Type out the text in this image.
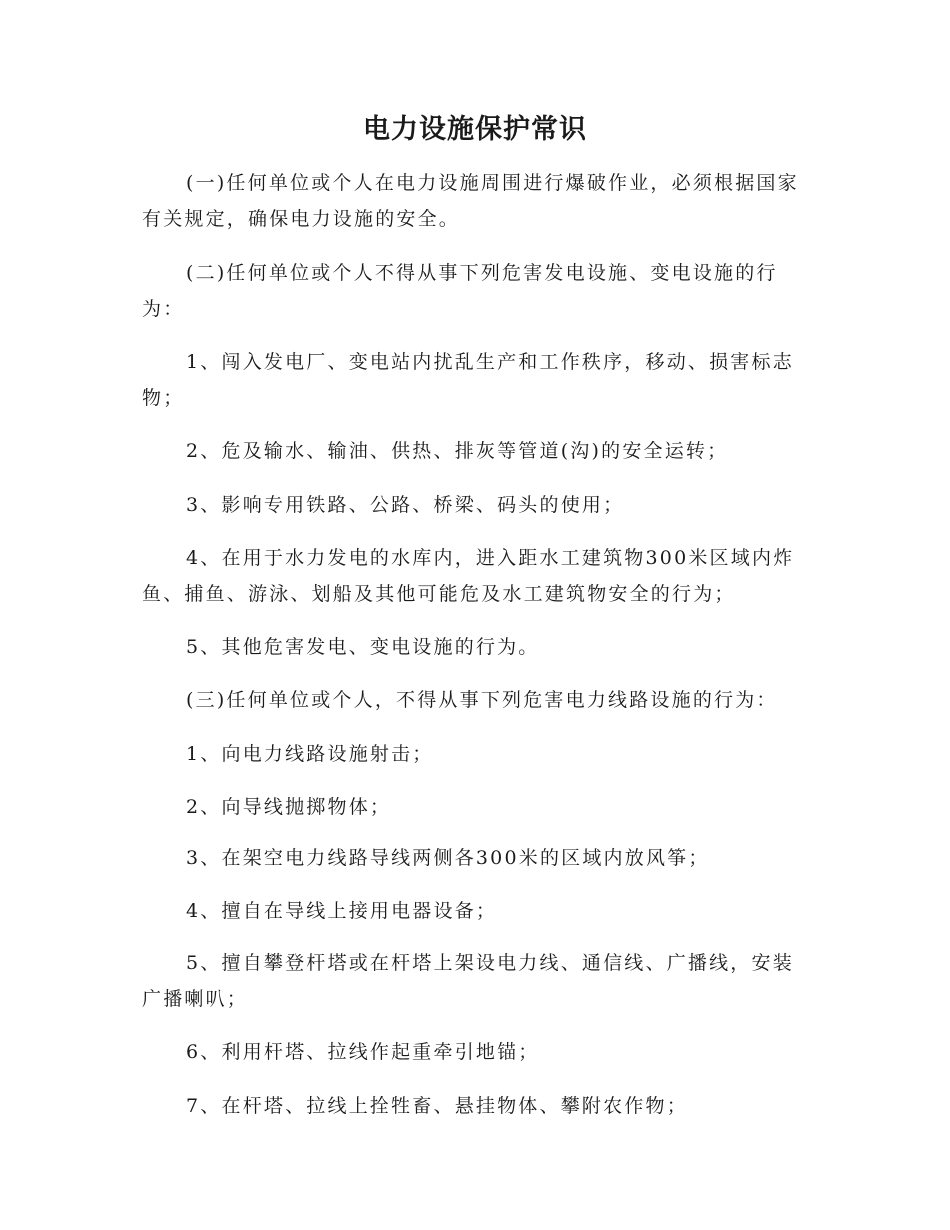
电力设施保护常识

(一)任何单位或个人在电力设施周围进行爆破作业，必须根据国家有关规定，确保电力设施的安全。

(二)任何单位或个人不得从事下列危害发电设施、变电设施的行为：

1、闯入发电厂、变电站内扰乱生产和工作秩序，移动、损害标志物；

2、危及输水、输油、供热、排灰等管道(沟)的安全运转；

3、影响专用铁路、公路、桥梁、码头的使用；

4、在用于水力发电的水库内，进入距水工建筑物300米区域内炸鱼、捕鱼、游泳、划船及其他可能危及水工建筑物安全的行为；

5、其他危害发电、变电设施的行为。

(三)任何单位或个人，不得从事下列危害电力线路设施的行为：

1、向电力线路设施射击；

2、向导线抛掷物体；

3、在架空电力线路导线两侧各300米的区域内放风筝；

4、擅自在导线上接用电器设备；

5、擅自攀登杆塔或在杆塔上架设电力线、通信线、广播线，安装广播喇叭；

6、利用杆塔、拉线作起重牵引地锚；

7、在杆塔、拉线上拴牲畜、悬挂物体、攀附农作物；
